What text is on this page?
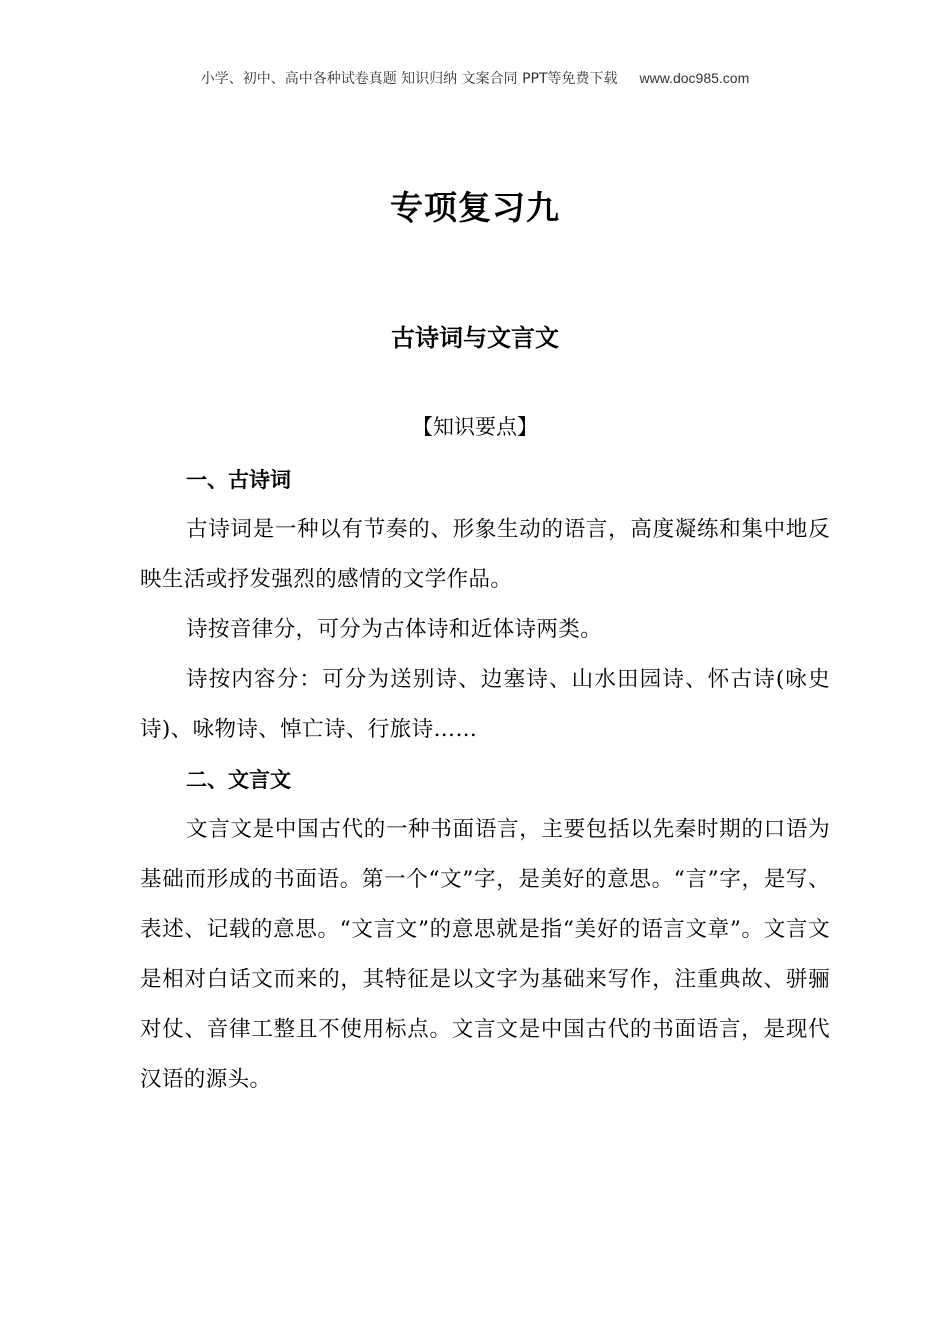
小学、初中、高中各种试卷真题 知识归纳 文案合同 PPT等免费下载 www.doc985.com
专项复习九
古诗词与文言文
【知识要点】
一、古诗词

古诗词是一种以有节奏的、形象生动的语言，高度凝练和集中地反映生活或抒发强烈的感情的文学作品。

诗按音律分，可分为古体诗和近体诗两类。

诗按内容分：可分为送别诗、边塞诗、山水田园诗、怀古诗(咏史诗)、咏物诗、悼亡诗、行旅诗……

二、文言文

文言文是中国古代的一种书面语言，主要包括以先秦时期的口语为基础而形成的书面语。第一个“文”字，是美好的意思。“言”字，是写、表述、记载的意思。“文言文”的意思就是指“美好的语言文章”。文言文是相对白话文而来的，其特征是以文字为基础来写作，注重典故、骈骊对仗、音律工整且不使用标点。文言文是中国古代的书面语言，是现代汉语的源头。
